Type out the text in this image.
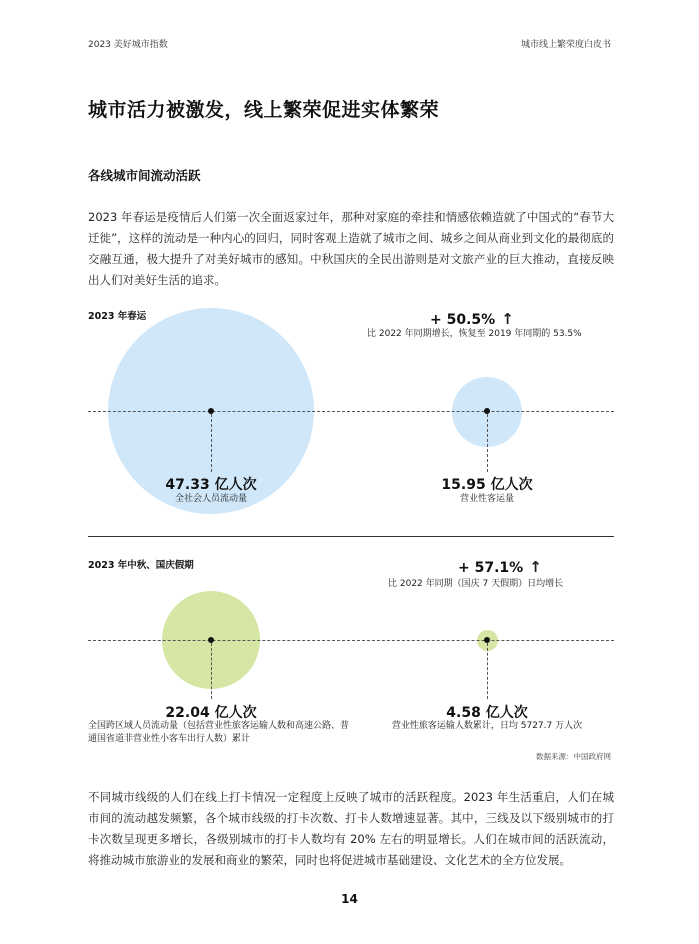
2023 美好城市指数	城市线上繁荣度白皮书
城市活力被激发，线上繁荣促进实体繁荣
各线城市间流动活跃
2023 年春运是疫情后人们第一次全面返家过年，那种对家庭的牵挂和情感依赖造就了中国式的“春节大迁徙”，这样的流动是一种内心的回归，同时客观上造就了城市之间、城乡之间从商业到文化的最彻底的交融互通，极大提升了对美好城市的感知。中秋国庆的全民出游则是对文旅产业的巨大推动，直接反映出人们对美好生活的追求。
2023 年春运	+ 50.5% ↑
比 2022 年同期增长，恢复至 2019 年同期的 53.5%
47.33 亿人次
全社会人员流动量
15.95 亿人次
营业性客运量
2023 年中秋、国庆假期	+ 57.1% ↑
比 2022 年同期（国庆 7 天假期）日均增长
22.04 亿人次
全国跨区域人员流动量（包括营业性旅客运输人数和高速公路、普通国省道非营业性小客车出行人数）累计
4.58 亿人次
营业性旅客运输人数累计，日均 5727.7 万人次
数据来源：中国政府网
不同城市线级的人们在线上打卡情况一定程度上反映了城市的活跃程度。2023 年生活重启，人们在城市间的流动越发频繁，各个城市线级的打卡次数、打卡人数增速显著。其中，三线及以下级别城市的打卡次数呈现更多增长，各级别城市的打卡人数均有 20% 左右的明显增长。人们在城市间的活跃流动，将推动城市旅游业的发展和商业的繁荣，同时也将促进城市基础建设、文化艺术的全方位发展。
14
